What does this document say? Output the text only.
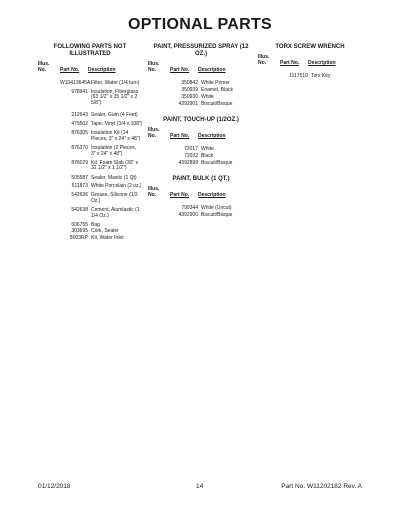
OPTIONAL PARTS
FOLLOWING PARTS NOT
ILLUSTRATED
Illus.
No.	Part No. Description
W10413645A Filter, Water (1/4 turn)
978941 Insulation, Fiberglass
(63 1/2" x 35 1/2" x 2
5/8")
212643 Sealer, Gum (4 Feet)
479502 Tape, Vinyl (3/4 x 108")
876305 Insulation Kit (14
Pieces, 3" x 24" x 48")
876370 Insulation (2 Pieces,
3" x 24" x 48")
876029 Kit, Foam Slab (30" x
32 1/2" x 1 1/2")
505587 Sealer, Mastic (1 Qt)
511873 White Porcelain (2 oz.)
542636 Grease, Silicone (1/2
Oz.)
542638 Cement, Alumlastic (1
1/4 Oz.)
606755 Bag
303695 Cork, Sealer
8003RP Kit, Water Inlet
PAINT, PRESSURIZED SPRAY (12
OZ.)
Illus.
No.	Part No. Description
350842 White Primer
350939 Enamel, Black
350930 White
4392901 Biscuit/Bisque
PAINT, TOUCH-UP (1/2OZ.)
Illus.
No.	Part No. Description
72017 White
72032 Black
4392899 Biscuit/Bisque
PAINT, BULK (1 QT.)
Illus.
No.	Part No. Description
799344 White (Uncut)
4392900 Biscuit/Bisque
TORX SCREW WRENCH
Illus.
No.	Part No. Description
1117510 Torx Key
01/12/2018	14	Part No. W11202182 Rev. A
